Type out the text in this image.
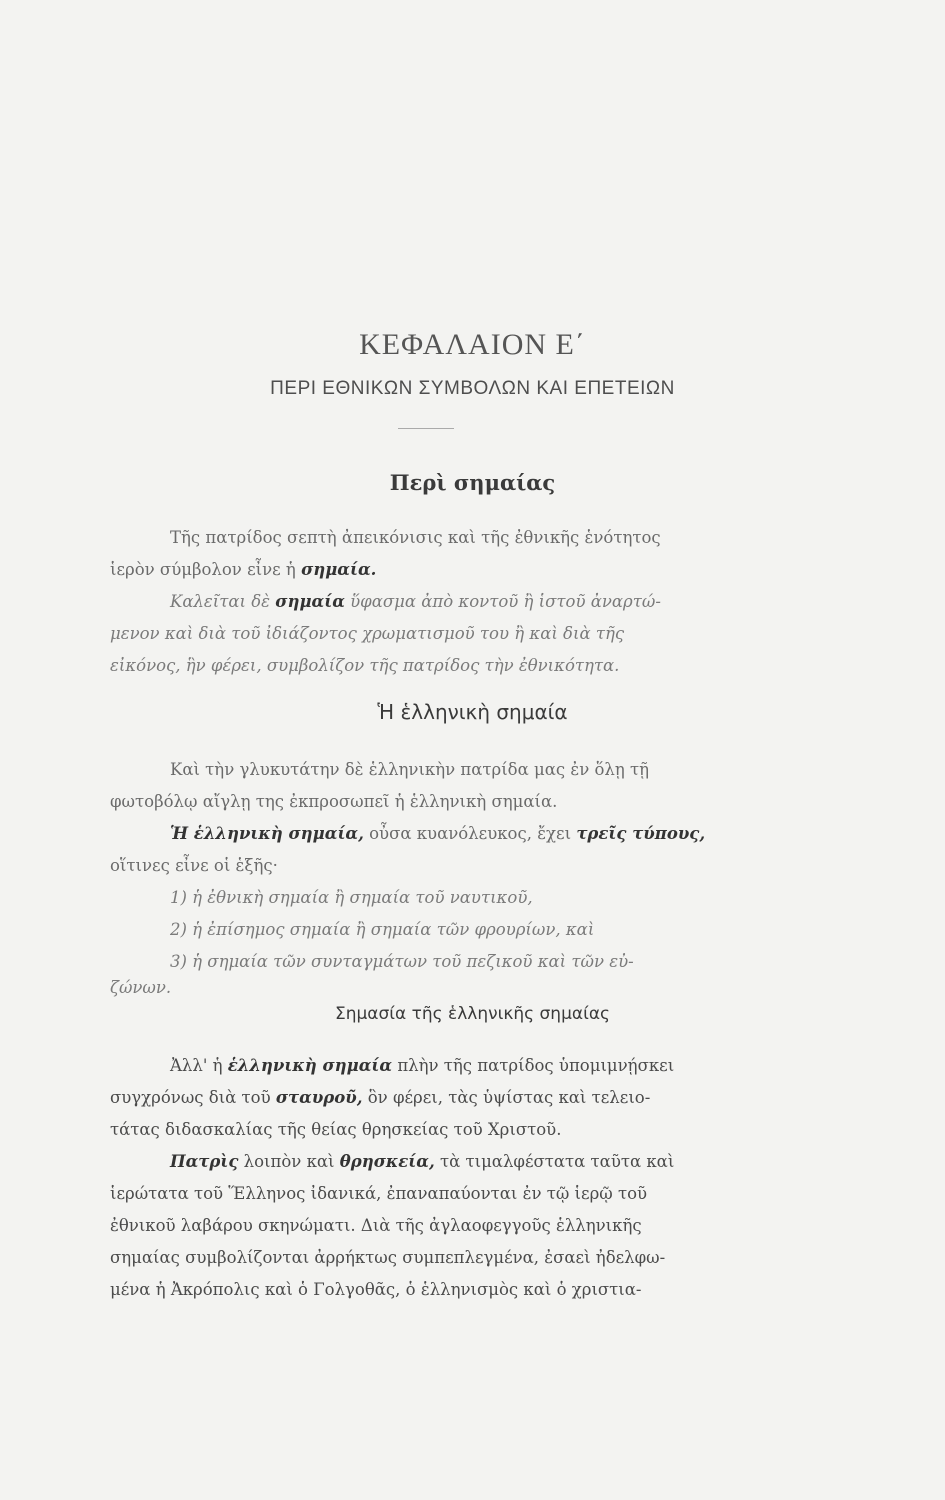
ΚΕΦΑΛΑΙΟΝ Ε΄
ΠΕΡΙ ΕΘΝΙΚΩΝ ΣΥΜΒΟΛΩΝ ΚΑΙ ΕΠΕΤΕΙΩΝ
Περὶ σημαίας
Τῆς πατρίδος σεπτὴ ἀπεικόνισις καὶ τῆς ἐθνικῆς ἑνότητος
ἱερὸν σύμβολον εἶνε ἡ σημαία.
Καλεῖται δὲ σημαία ὕφασμα ἀπὸ κοντοῦ ἢ ἱστοῦ ἀναρτώ-
μενον καὶ διὰ τοῦ ἰδιάζοντος χρωματισμοῦ του ἢ καὶ διὰ τῆς
εἰκόνος, ἣν φέρει, συμβολίζον τῆς πατρίδος τὴν ἐθνικότητα.
Ἡ ἑλληνικὴ σημαία
Καὶ τὴν γλυκυτάτην δὲ ἑλληνικὴν πατρίδα μας ἐν ὅλῃ τῇ
φωτοβόλῳ αἴγλῃ της ἐκπροσωπεῖ ἡ ἑλληνικὴ σημαία.
Ἡ ἑλληνικὴ σημαία, οὖσα κυανόλευκος, ἔχει τρεῖς τύπους,
οἵτινες εἶνε οἱ ἑξῆς·
1) ἡ ἐθνικὴ σημαία ἢ σημαία τοῦ ναυτικοῦ,
2) ἡ ἐπίσημος σημαία ἢ σημαία τῶν φρουρίων, καὶ
3) ἡ σημαία τῶν συνταγμάτων τοῦ πεζικοῦ καὶ τῶν εὐ-
ζώνων.
Σημασία τῆς ἑλληνικῆς σημαίας
Ἀλλ' ἡ ἑλληνικὴ σημαία πλὴν τῆς πατρίδος ὑπομιμνῄσκει
συγχρόνως διὰ τοῦ σταυροῦ, ὃν φέρει, τὰς ὑψίστας καὶ τελειο-
τάτας διδασκαλίας τῆς θείας θρησκείας τοῦ Χριστοῦ.
Πατρὶς λοιπὸν καὶ θρησκεία, τὰ τιμαλφέστατα ταῦτα καὶ
ἱερώτατα τοῦ Ἕλληνος ἰδανικά, ἐπαναπαύονται ἐν τῷ ἱερῷ τοῦ
ἐθνικοῦ λαβάρου σκηνώματι. Διὰ τῆς ἀγλαοφεγγοῦς ἑλληνικῆς
σημαίας συμβολίζονται ἀρρήκτως συμπεπλεγμένα, ἐσαεὶ ἠδελφω-
μένα ἡ Ἀκρόπολις καὶ ὁ Γολγοθᾶς, ὁ ἑλληνισμὸς καὶ ὁ χριστια-
